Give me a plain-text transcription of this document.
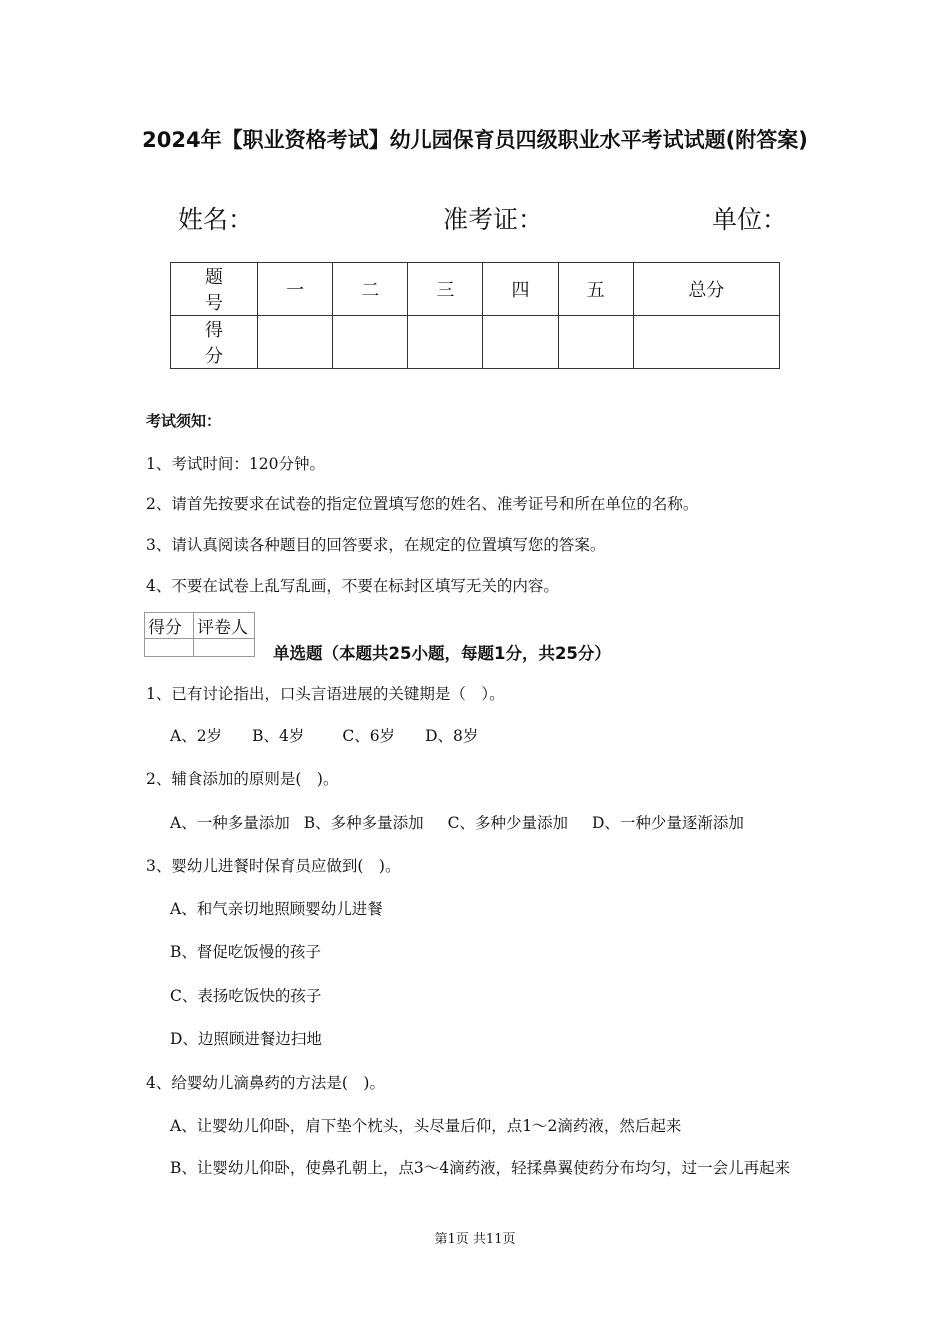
2024年【职业资格考试】幼儿园保育员四级职业水平考试试题(附答案)
姓名：	准考证：	单位：
题 号	一	二	三	四	五	总分
得 分						
考试须知：
1、考试时间：120分钟。
2、请首先按要求在试卷的指定位置填写您的姓名、准考证号和所在单位的名称。
3、请认真阅读各种题目的回答要求，在规定的位置填写您的答案。
4、不要在试卷上乱写乱画，不要在标封区填写无关的内容。
得分	评卷人

单选题（本题共25小题，每题1分，共25分）
1、已有讨论指出，口头言语进展的关键期是（　）。
A、2岁 B、4岁 C、6岁 D、8岁
2、辅食添加的原则是(　)。
A、一种多量添加 B、多种多量添加 C、多种少量添加 D、一种少量逐渐添加
3、婴幼儿进餐时保育员应做到(　)。
A、和气亲切地照顾婴幼儿进餐
B、督促吃饭慢的孩子
C、表扬吃饭快的孩子
D、边照顾进餐边扫地
4、给婴幼儿滴鼻药的方法是(　)。
A、让婴幼儿仰卧，肩下垫个枕头，头尽量后仰，点1～2滴药液，然后起来
B、让婴幼儿仰卧，使鼻孔朝上，点3～4滴药液，轻揉鼻翼使药分布均匀，过一会儿再起来
第1页 共11页
